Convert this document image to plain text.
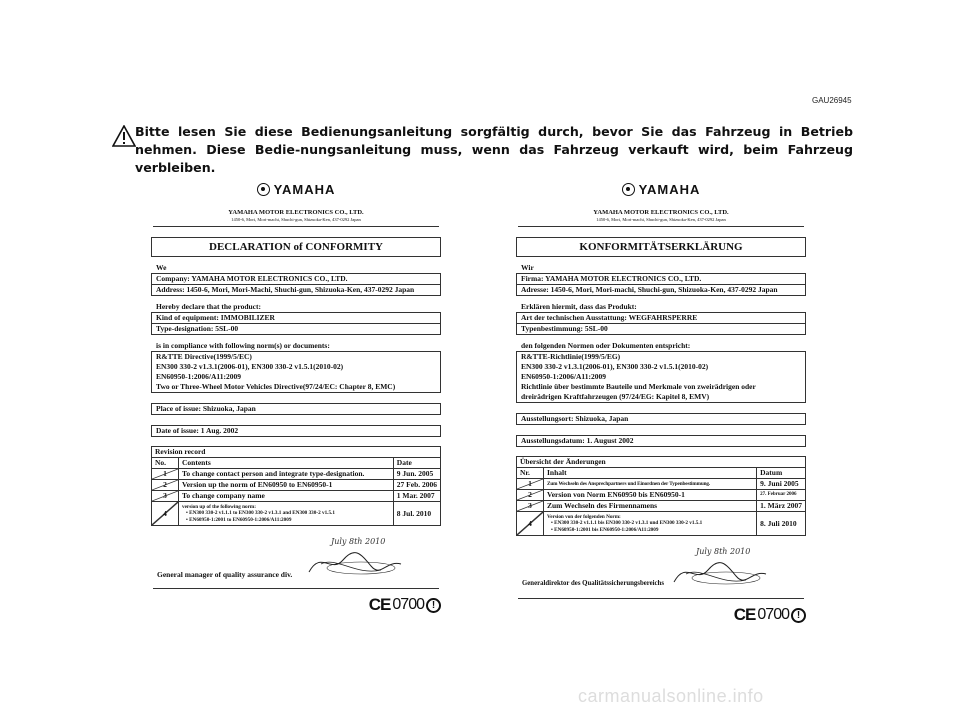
GAU26945
Bitte lesen Sie diese Bedienungsanleitung sorgfältig durch, bevor Sie das Fahrzeug in Betrieb nehmen. Diese Bedie-nungsanleitung muss, wenn das Fahrzeug verkauft wird, beim Fahrzeug verbleiben.
YAMAHA
YAMAHA MOTOR ELECTRONICS CO., LTD.
1450-6, Mori, Mori-machi, Shuchi-gun, Shizuoka-Ken, 437-0292 Japan
DECLARATION of CONFORMITY
We
Company: YAMAHA MOTOR ELECTRONICS CO., LTD.
Address: 1450-6, Mori, Mori-Machi, Shuchi-gun, Shizuoka-Ken, 437-0292 Japan
Hereby declare that the product:
Kind of equipment: IMMOBILIZER
Type-designation: 5SL-00
is in compliance with following norm(s) or documents:
R&TTE Directive(1999/5/EC)
EN300 330-2 v1.3.1(2006-01), EN300 330-2 v1.5.1(2010-02)
EN60950-1:2006/A11:2009
Two or Three-Wheel Motor Vehicles Directive(97/24/EC: Chapter 8, EMC)
Place of issue: Shizuoka, Japan
Date of issue: 1 Aug. 2002
Revision record		
No.	Contents	Date

1	To change contact person and integrate type-designation.	9 Jun. 2005

2	Version up the norm of EN60950 to EN60950-1	27 Feb. 2006

3	To change company name	1 Mar. 2007

4	version up of the following norm:
• EN300 330-2 v1.1.1 to EN300 330-2 v1.3.1 and EN300 330-2 v1.5.1
• EN60950-1:2001 to EN60950-1:2006/A11:2009	8 Jul. 2010
July 8th 2010
General manager of quality assurance div.
CE 0700 !
YAMAHA
YAMAHA MOTOR ELECTRONICS CO., LTD.
1450-6, Mori, Mori-machi, Shuchi-gun, Shizuoka-Ken, 437-0292 Japan
KONFORMITÄTSERKLÄRUNG
Wir
Firma: YAMAHA MOTOR ELECTRONICS CO., LTD.
Adresse: 1450-6, Mori, Mori-machi, Shuchi-gun, Shizuoka-Ken, 437-0292 Japan
Erklären hiermit, dass das Produkt:
Art der technischen Ausstattung: WEGFAHRSPERRE
Typenbestimmung: 5SL-00
den folgenden Normen oder Dokumenten entspricht:
R&TTE-Richtlinie(1999/5/EG)
EN300 330-2 v1.3.1(2006-01), EN300 330-2 v1.5.1(2010-02)
EN60950-1:2006/A11:2009
Richtlinie über bestimmte Bauteile und Merkmale von zweirädrigen oder
dreirädrigen Kraftfahrzeugen (97/24/EG: Kapitel 8, EMV)
Ausstellungsort: Shizuoka, Japan
Ausstellungsdatum: 1. August 2002
Übersicht der Änderungen		
Nr.	Inhalt	Datum

1	Zum Wechseln des Ansprechpartners und Einordnen der Typenbestimmung.	9. Juni 2005

2	Version von Norm EN60950 bis EN60950-1	27. Februar 2006

3	Zum Wechseln des Firmennamens	1. März 2007

4	Version von der folgenden Norm:
• EN300 330-2 v1.1.1 bis EN300 330-2 v1.3.1 und EN300 330-2 v1.5.1
• EN60950-1:2001 bis EN60950-1:2006/A11:2009	8. Juli 2010
July 8th 2010
Generaldirektor des Qualitätssicherungsbereichs
CE 0700 !
carmanualsonline.info
